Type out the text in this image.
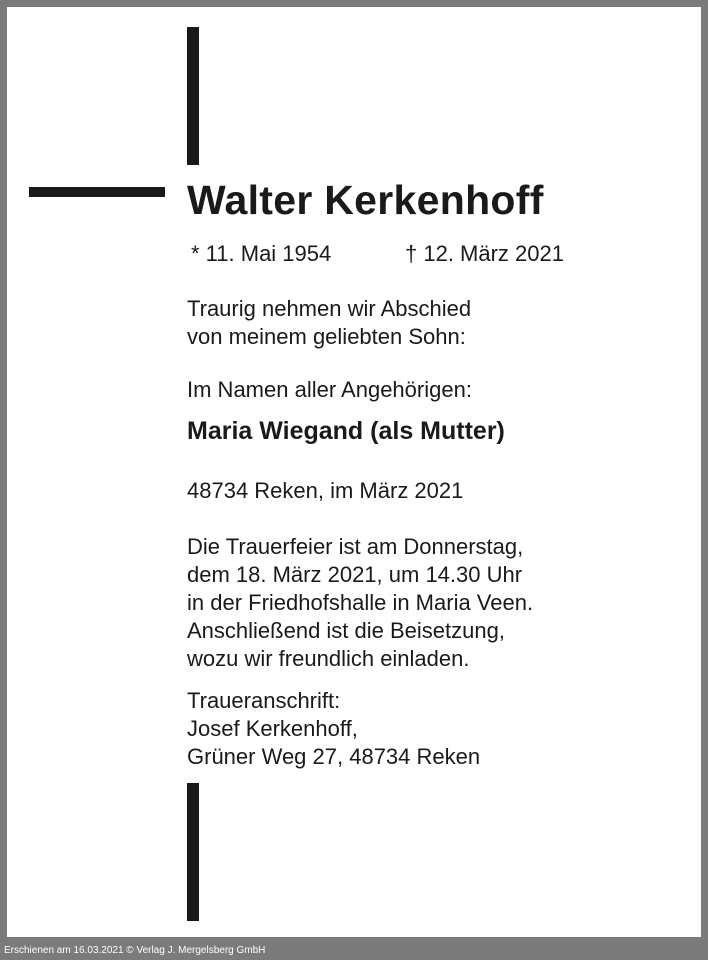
Walter Kerkenhoff
* 11. Mai 1954	† 12. März 2021
Traurig nehmen wir Abschied
von meinem geliebten Sohn:
Im Namen aller Angehörigen:
Maria Wiegand (als Mutter)
48734 Reken, im März 2021
Die Trauerfeier ist am Donnerstag,
dem 18. März 2021, um 14.30 Uhr
in der Friedhofshalle in Maria Veen.
Anschließend ist die Beisetzung,
wozu wir freundlich einladen.
Traueranschrift:
Josef Kerkenhoff,
Grüner Weg 27, 48734 Reken
Erschienen am 16.03.2021 © Verlag J. Mergelsberg GmbH
